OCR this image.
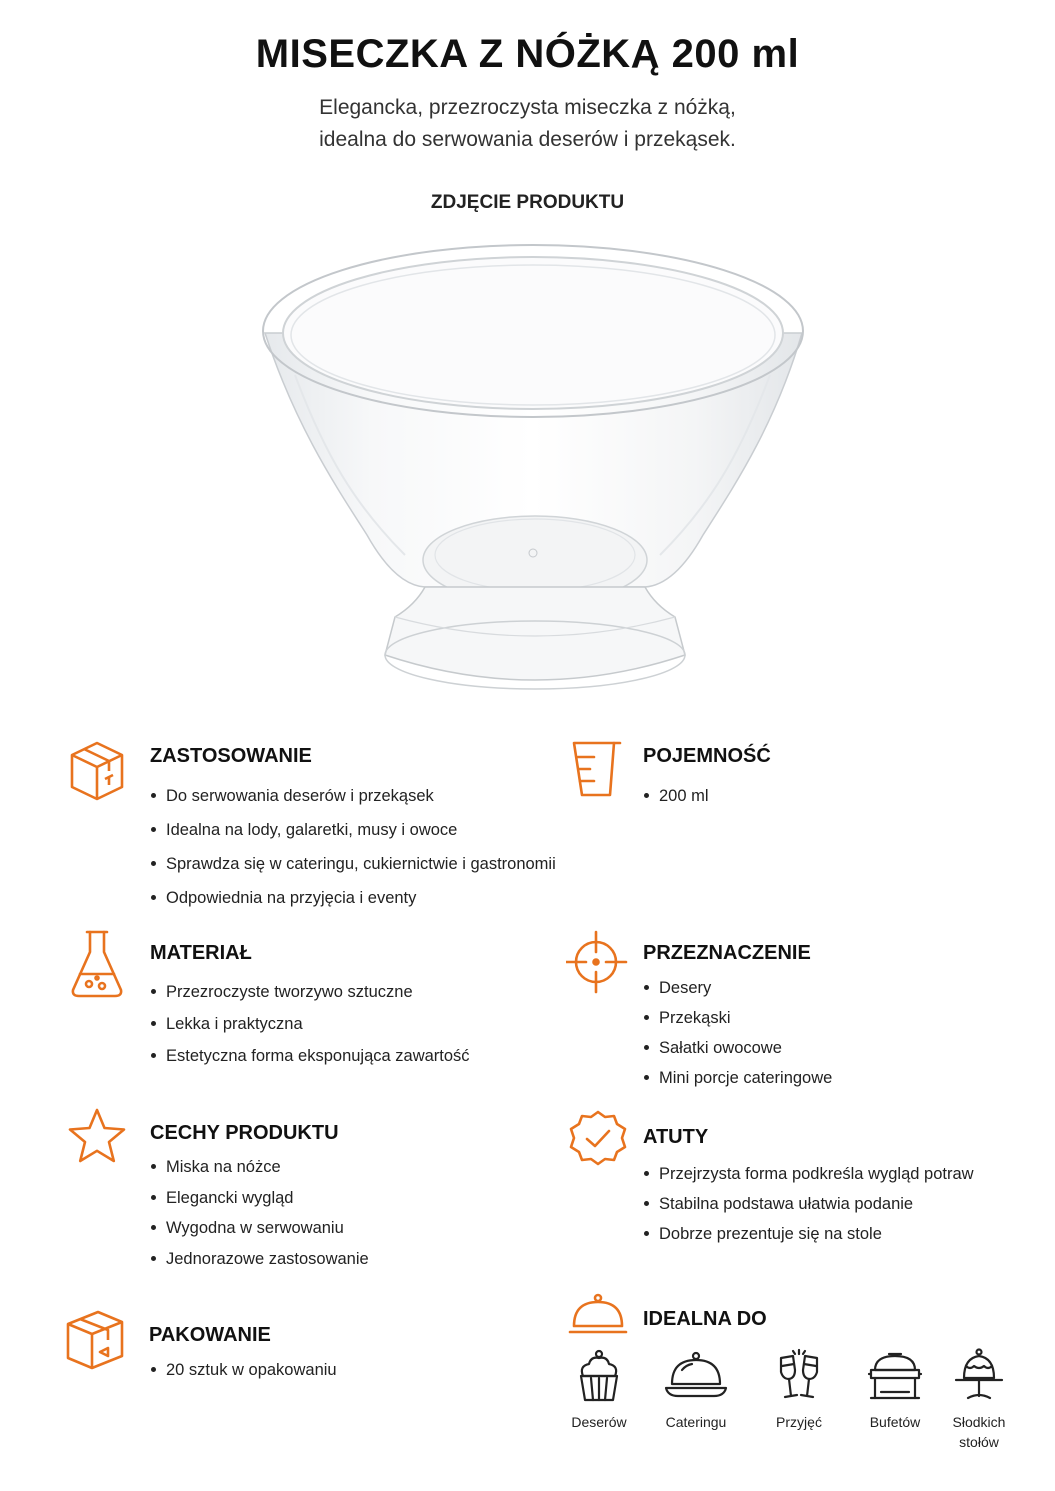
MISECZKA Z NÓŻKĄ 200 ml
Elegancka, przezroczysta miseczka z nóżką,
idealna do serwowania deserów i przekąsek.
ZDJĘCIE PRODUKTU
ZASTOSOWANIE
Do serwowania deserów i przekąsek
Idealna na lody, galaretki, musy i owoce
Sprawdza się w cateringu, cukiernictwie i gastronomii
Odpowiednia na przyjęcia i eventy
POJEMNOŚĆ
200 ml
MATERIAŁ
Przezroczyste tworzywo sztuczne
Lekka i praktyczna
Estetyczna forma eksponująca zawartość
PRZEZNACZENIE
Desery
Przekąski
Sałatki owocowe
Mini porcje cateringowe
CECHY PRODUKTU
Miska na nóżce
Elegancki wygląd
Wygodna w serwowaniu
Jednorazowe zastosowanie
ATUTY
Przejrzysta forma podkreśla wygląd potraw
Stabilna podstawa ułatwia podanie
Dobrze prezentuje się na stole
PAKOWANIE
20 sztuk w opakowaniu
IDEALNA DO
Deserów	Cateringu	Przyjęć	Bufetów	Słodkich
stołów
